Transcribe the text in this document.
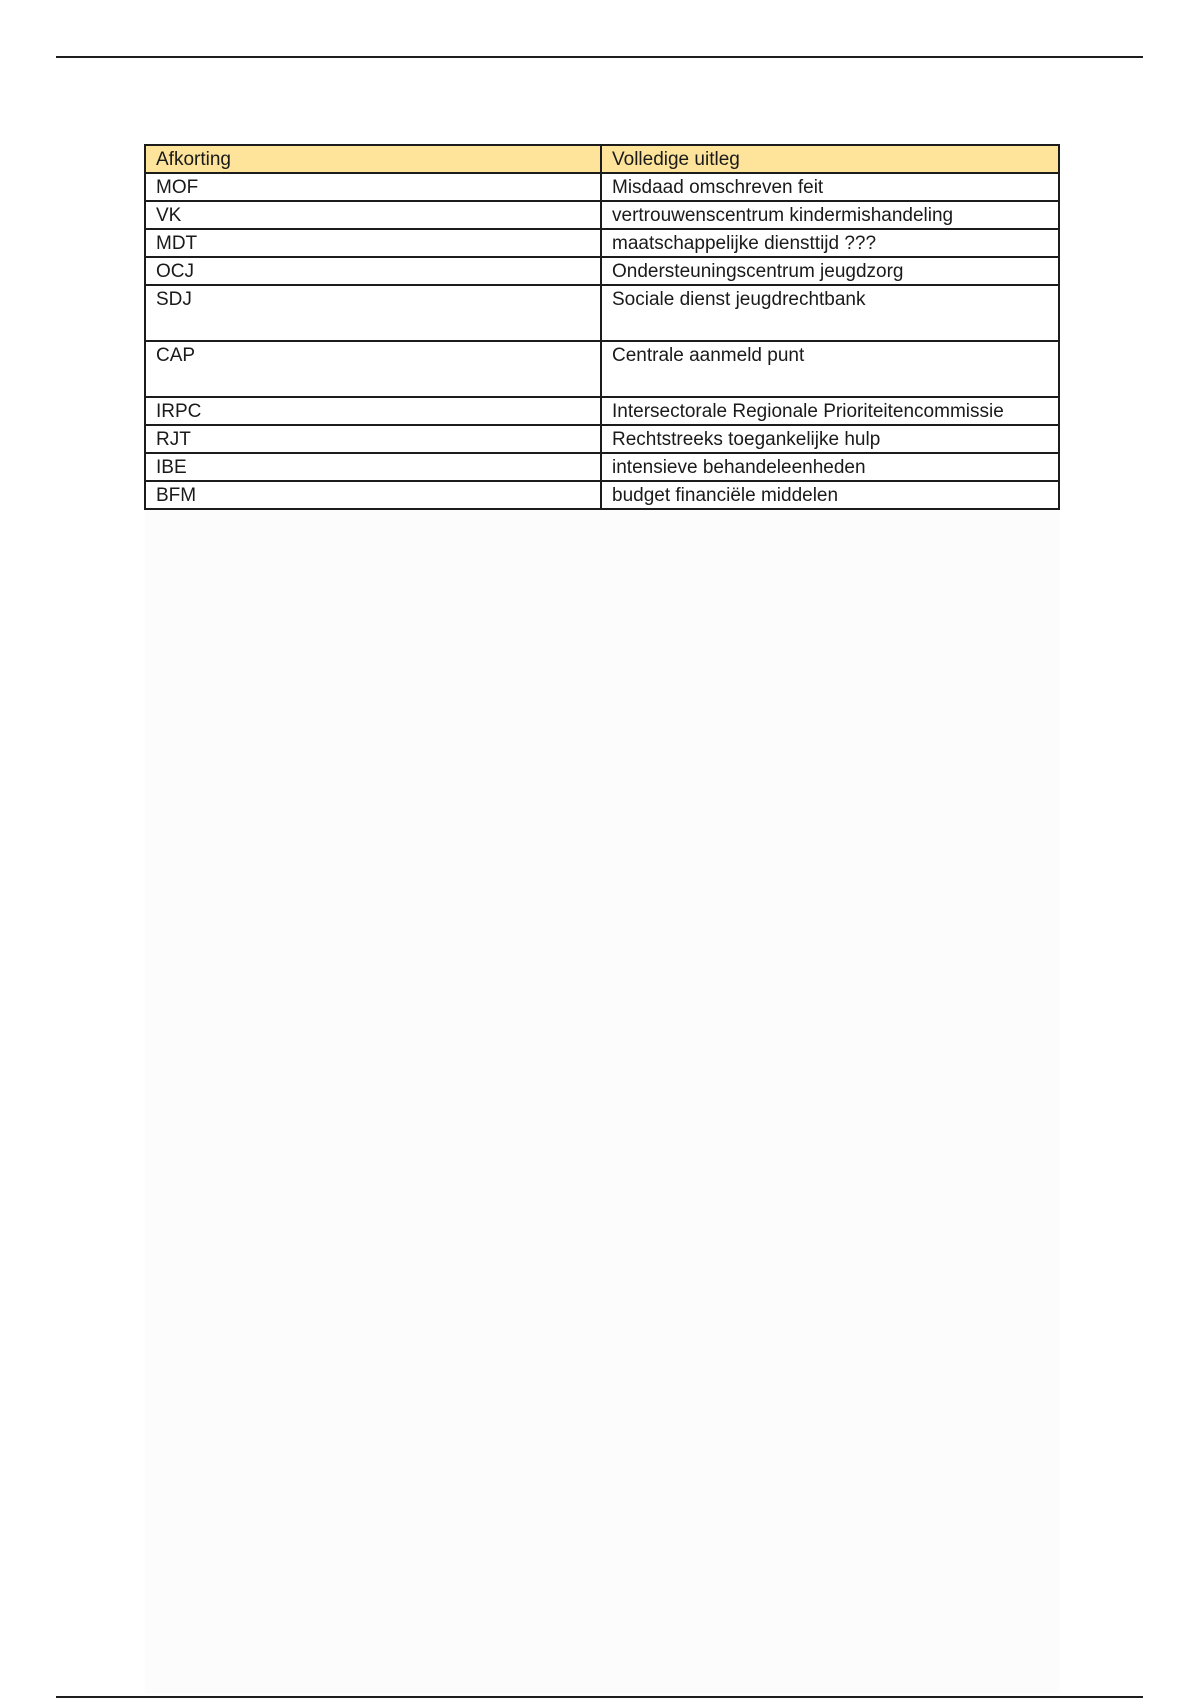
Afkorting	Volledige uitleg
MOF	Misdaad omschreven feit
VK	vertrouwenscentrum kindermishandeling
MDT	maatschappelijke diensttijd ???
OCJ	Ondersteuningscentrum jeugdzorg
SDJ	Sociale dienst jeugdrechtbank
CAP	Centrale aanmeld punt
IRPC	Intersectorale Regionale Prioriteitencommissie
RJT	Rechtstreeks toegankelijke hulp
IBE	intensieve behandeleenheden
BFM	budget financiële middelen
